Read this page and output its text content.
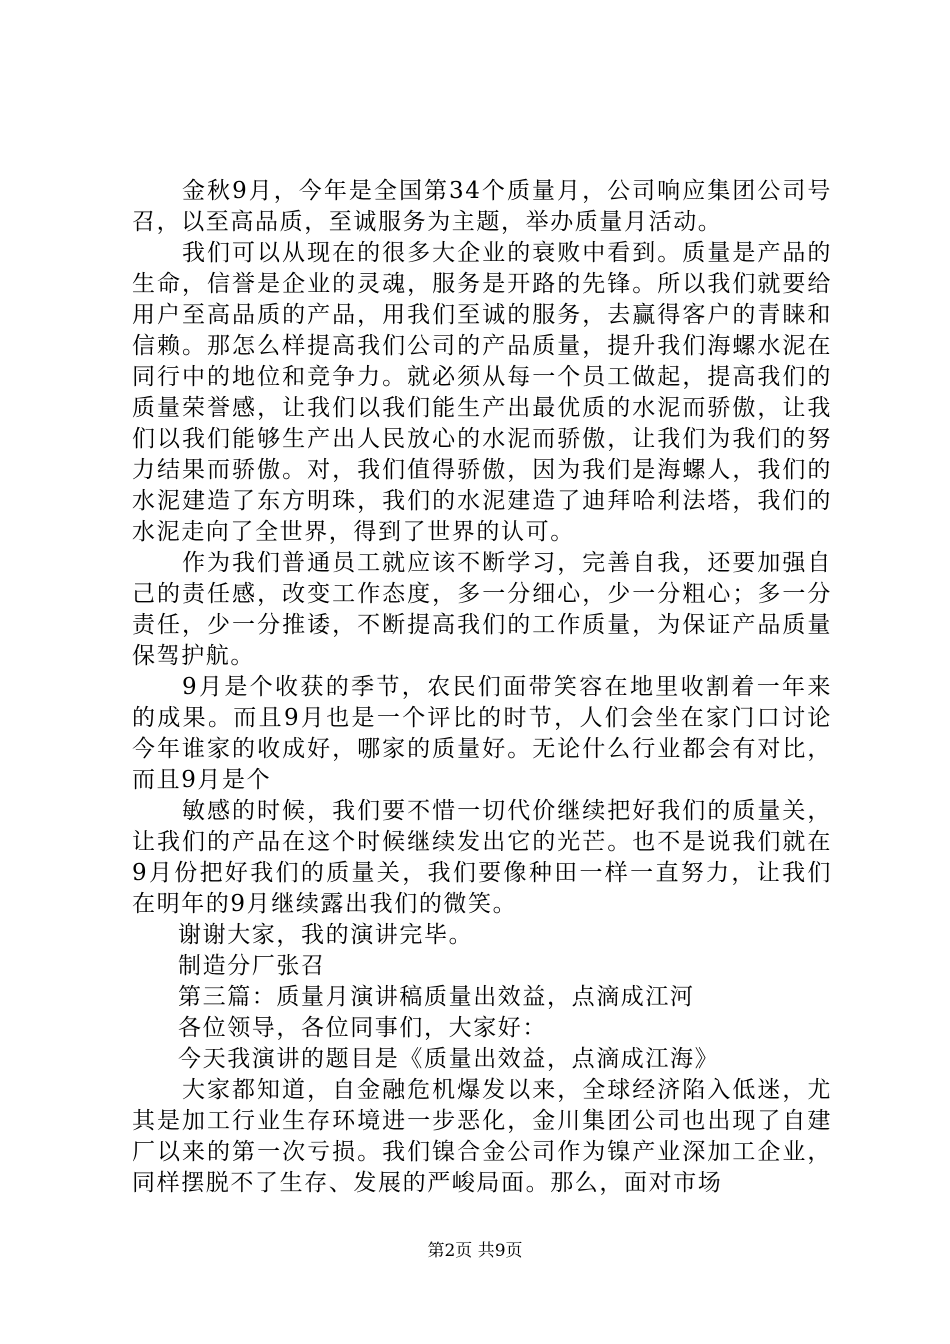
金秋9月，今年是全国第34个质量月，公司响应集团公司号召，以至高品质，至诚服务为主题，举办质量月活动。

我们可以从现在的很多大企业的衰败中看到。质量是产品的生命，信誉是企业的灵魂，服务是开路的先锋。所以我们就要给用户至高品质的产品，用我们至诚的服务，去赢得客户的青睐和信赖。那怎么样提高我们公司的产品质量，提升我们海螺水泥在同行中的地位和竞争力。就必须从每一个员工做起，提高我们的质量荣誉感，让我们以我们能生产出最优质的水泥而骄傲，让我们以我们能够生产出人民放心的水泥而骄傲，让我们为我们的努力结果而骄傲。对，我们值得骄傲，因为我们是海螺人，我们的水泥建造了东方明珠，我们的水泥建造了迪拜哈利法塔，我们的水泥走向了全世界，得到了世界的认可。

作为我们普通员工就应该不断学习，完善自我，还要加强自己的责任感，改变工作态度，多一分细心，少一分粗心；多一分责任，少一分推诿，不断提高我们的工作质量，为保证产品质量保驾护航。

9月是个收获的季节，农民们面带笑容在地里收割着一年来的成果。而且9月也是一个评比的时节，人们会坐在家门口讨论今年谁家的收成好，哪家的质量好。无论什么行业都会有对比，而且9月是个

敏感的时候，我们要不惜一切代价继续把好我们的质量关，让我们的产品在这个时候继续发出它的光芒。也不是说我们就在9月份把好我们的质量关，我们要像种田一样一直努力，让我们在明年的9月继续露出我们的微笑。

谢谢大家，我的演讲完毕。

制造分厂张召

第三篇：质量月演讲稿质量出效益，点滴成江河

各位领导，各位同事们，大家好：

今天我演讲的题目是《质量出效益，点滴成江海》

大家都知道，自金融危机爆发以来，全球经济陷入低迷，尤其是加工行业生存环境进一步恶化，金川集团公司也出现了自建厂以来的第一次亏损。我们镍合金公司作为镍产业深加工企业，同样摆脱不了生存、发展的严峻局面。那么，面对市场

第2页 共9页
